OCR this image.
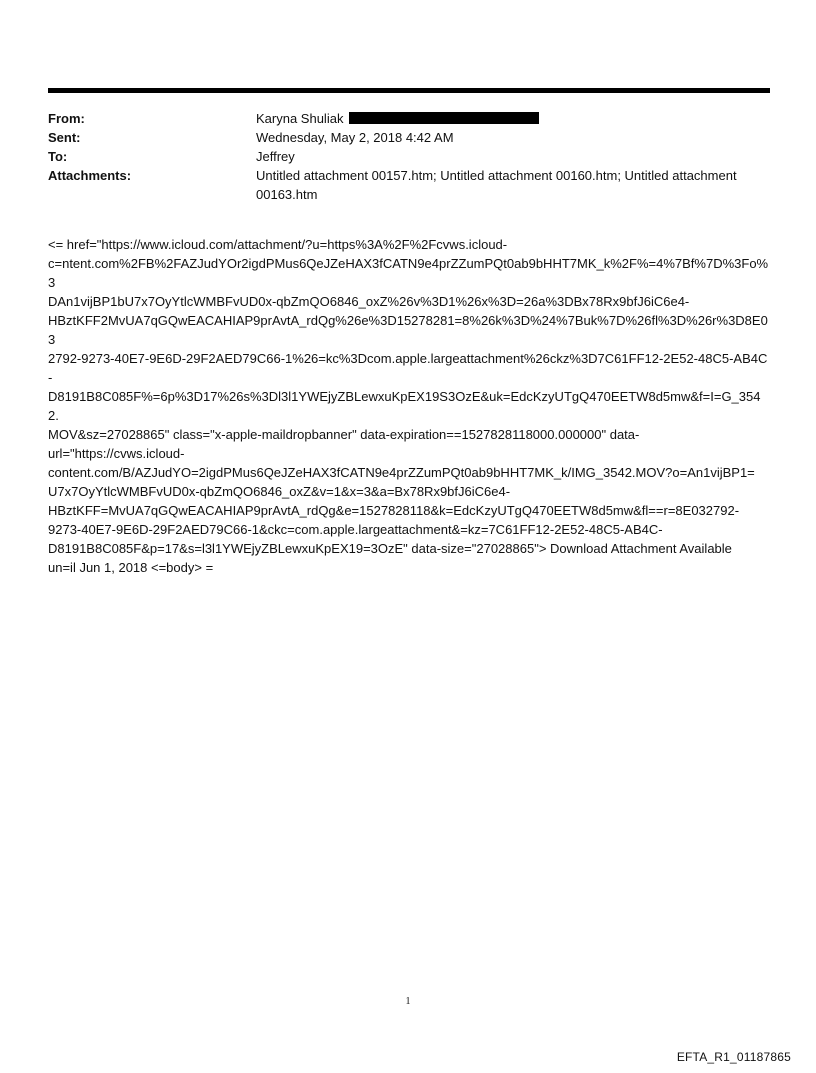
From:	Karyna Shuliak
Sent:	Wednesday, May 2, 2018 4:42 AM
To:	Jeffrey
Attachments:	Untitled attachment 00157.htm; Untitled attachment 00160.htm; Untitled attachment 00163.htm
<= href="https://www.icloud.com/attachment/?u=https%3A%2F%2Fcvws.icloud-
c=ntent.com%2FB%2FAZJudYOr2igdPMus6QeJZeHAX3fCATN9e4prZZumPQt0ab9bHHT7MK_k%2F%=4%7Bf%7D%3Fo%3
DAn1vijBP1bU7x7OyYtlcWMBFvUD0x-qbZmQO6846_oxZ%26v%3D1%26x%3D=26a%3DBx78Rx9bfJ6iC6e4-
HBztKFF2MvUA7qGQwEACAHIAP9prAvtA_rdQg%26e%3D15278281=8%26k%3D%24%7Buk%7D%26fl%3D%26r%3D8E03
2792-9273-40E7-9E6D-29F2AED79C66-1%26=kc%3Dcom.apple.largeattachment%26ckz%3D7C61FF12-2E52-48C5-AB4C-
D8191B8C085F%=6p%3D17%26s%3Dl3l1YWEjyZBLewxuKpEX19S3OzE&uk=EdcKzyUTgQ470EETW8d5mw&f=I=G_3542.
MOV&sz=27028865" class="x-apple-maildropbanner" data-expiration==1527828118000.000000" data-
url="https://cvws.icloud-
content.com/B/AZJudYO=2igdPMus6QeJZeHAX3fCATN9e4prZZumPQt0ab9bHHT7MK_k/IMG_3542.MOV?o=An1vijBP1=
U7x7OyYtlcWMBFvUD0x-qbZmQO6846_oxZ&v=1&x=3&a=Bx78Rx9bfJ6iC6e4-
HBztKFF=MvUA7qGQwEACAHIAP9prAvtA_rdQg&e=1527828118&k=EdcKzyUTgQ470EETW8d5mw&fl==r=8E032792-
9273-40E7-9E6D-29F2AED79C66-1&ckc=com.apple.largeattachment&=kz=7C61FF12-2E52-48C5-AB4C-
D8191B8C085F&p=17&s=l3l1YWEjyZBLewxuKpEX19=3OzE" data-size="27028865"> Download Attachment Available
un=il Jun 1, 2018 <=body> =
1
EFTA_R1_01187865
